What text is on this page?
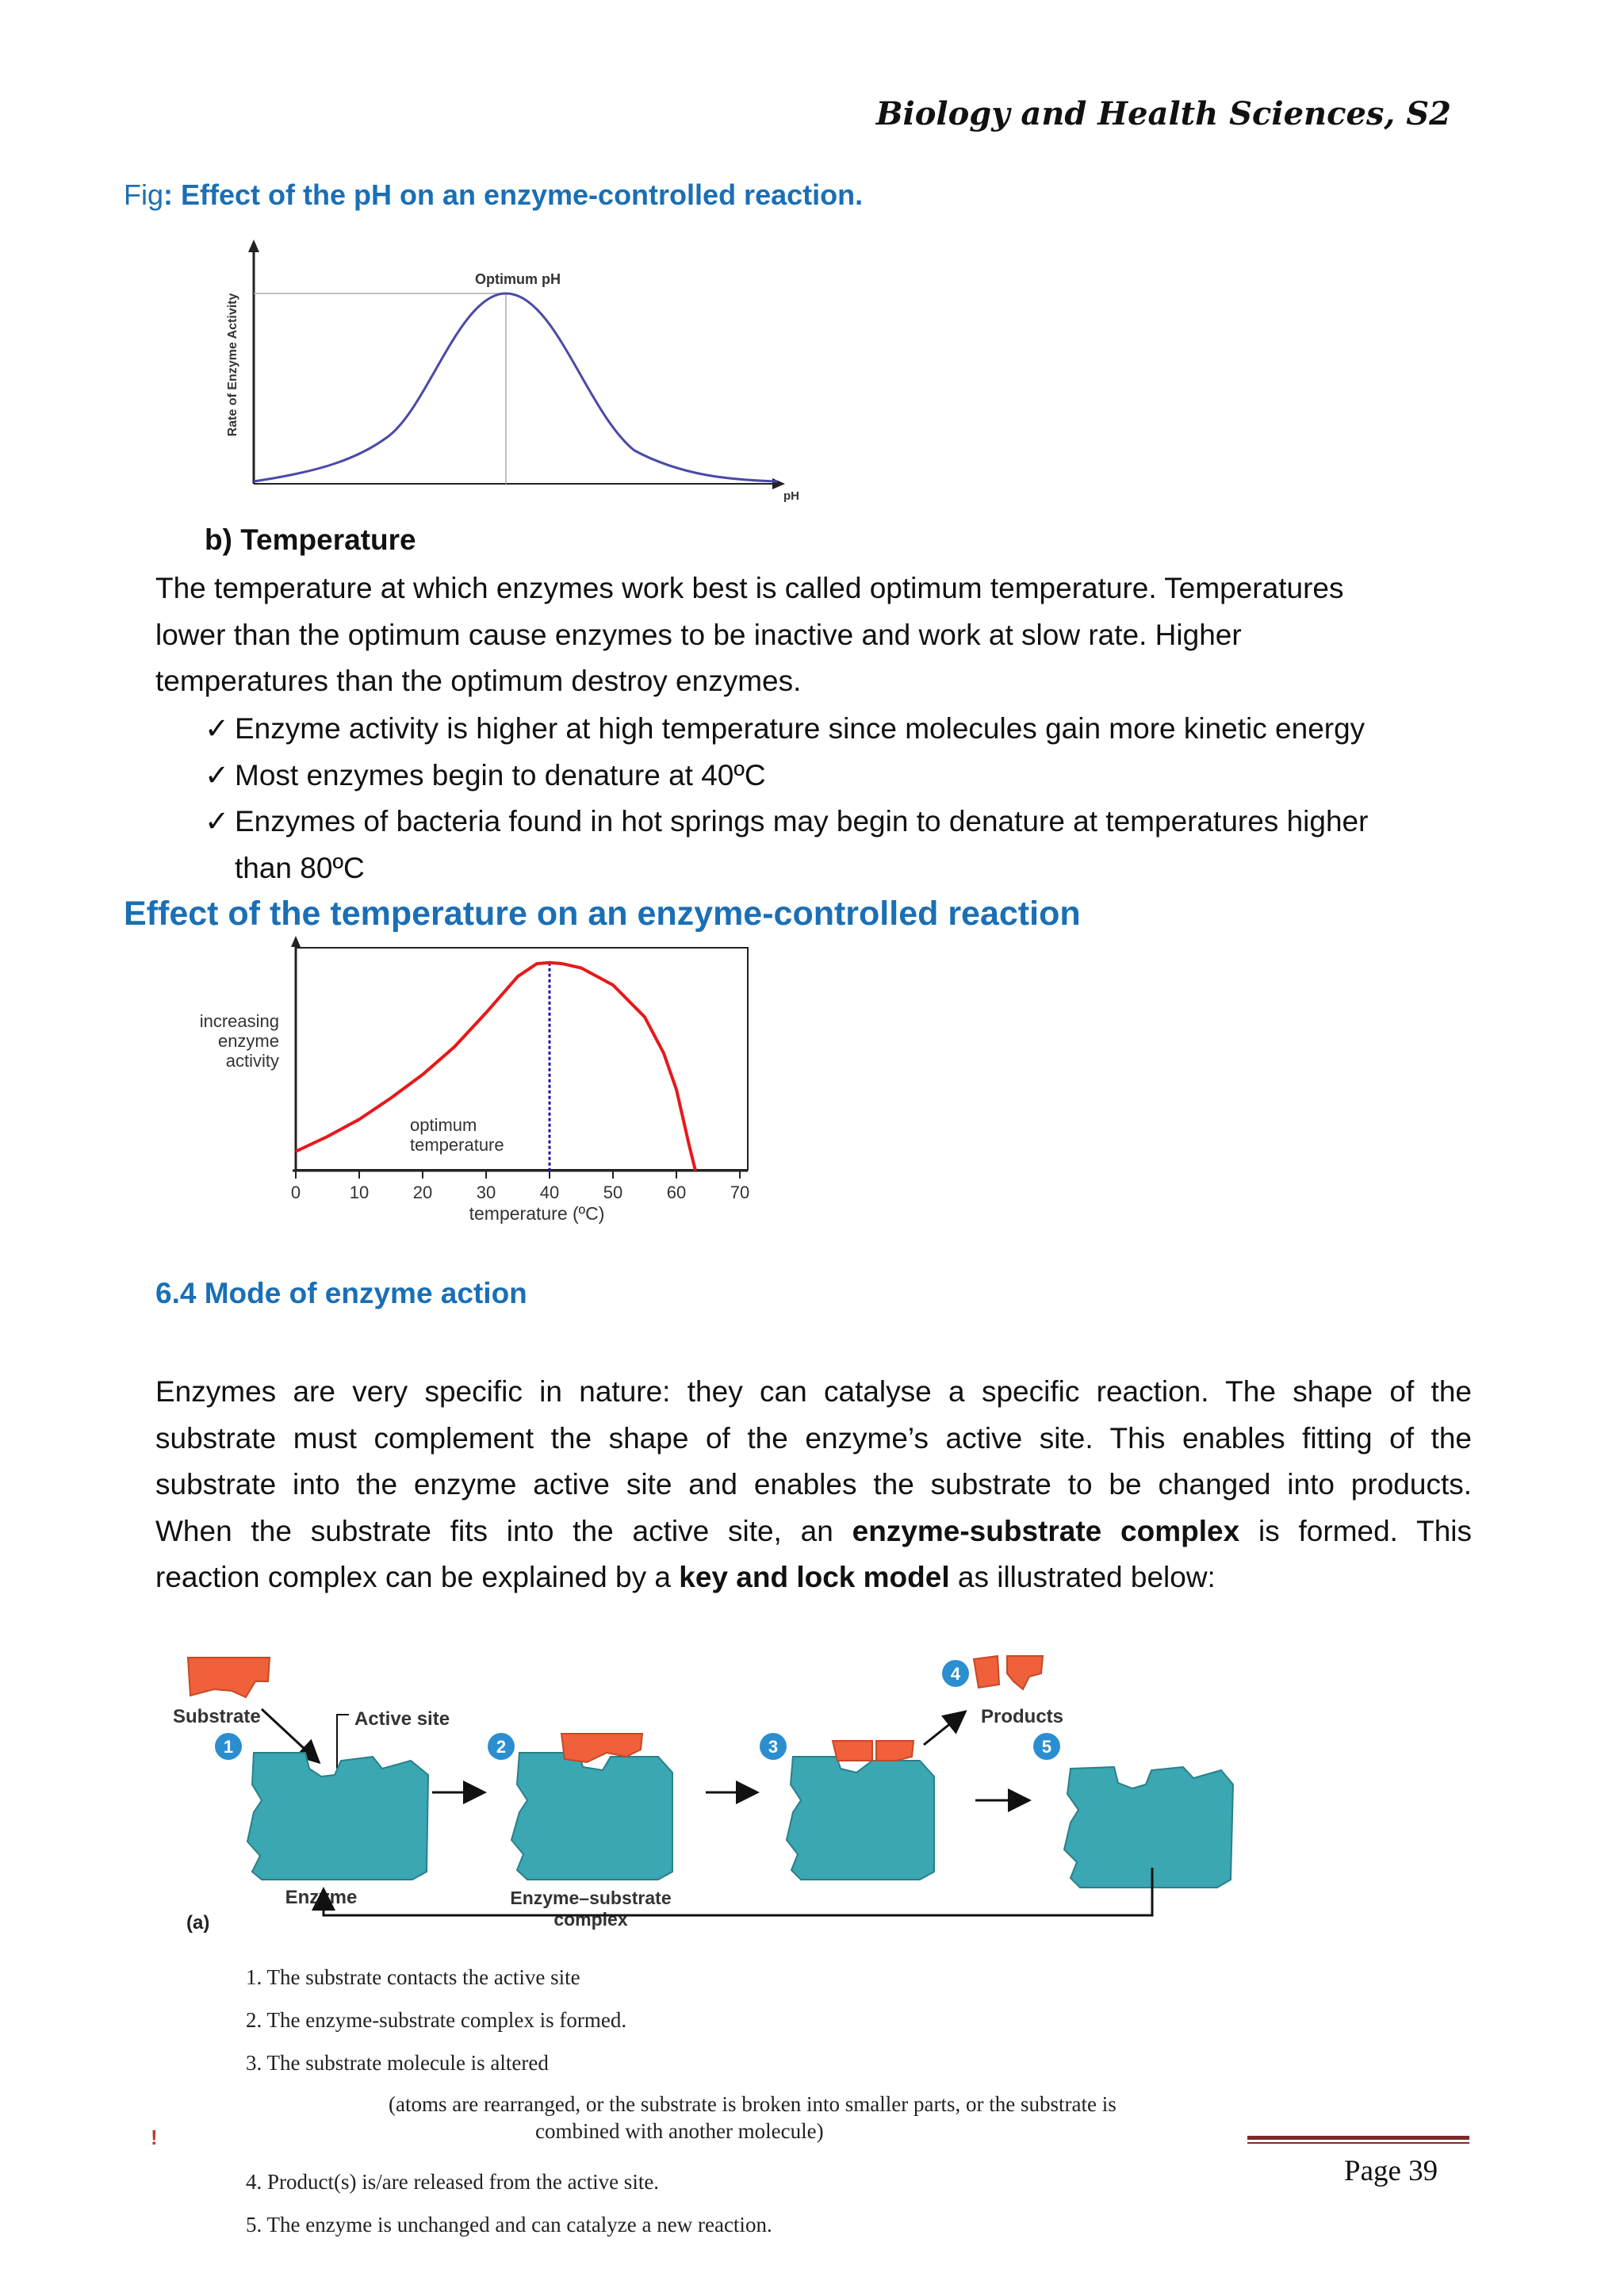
Biology and Health Sciences, S2
Fig: Effect of the pH on an enzyme-controlled reaction.
Optimum pH
pH
Rate of Enzyme Activity
b) Temperature
The temperature at which enzymes work best is called optimum temperature. Temperatures
lower than the optimum cause enzymes to be inactive and work at slow rate. Higher
temperatures than the optimum destroy enzymes.
✓ Enzyme activity is higher at high temperature since molecules gain more kinetic energy
✓ Most enzymes begin to denature at 40ºC
✓ Enzymes of bacteria found in hot springs may begin to denature at temperatures higher
than 80ºC
Effect of the temperature on an enzyme-controlled reaction
increasing
enzyme
activity
0	10	20	30	40	50	60	70
optimum
temperature
temperature (ºC)
6.4 Mode of enzyme action
Enzymes are very specific in nature: they can catalyse a specific reaction. The shape of the
substrate must complement the shape of the enzyme’s active site. This enables fitting of the
substrate into the enzyme active site and enables the substrate to be changed into products.
When the substrate fits into the active site, an enzyme-substrate complex is formed. This
reaction complex can be explained by a key and lock model as illustrated below:
Substrate	Active site
1
Enzyme
(a)
2
Enzyme–substrate
complex
3
4
Products
5
1. The substrate contacts the active site
2. The enzyme-substrate complex is formed.
3. The substrate molecule is altered
(atoms are rearranged, or the substrate is broken into smaller parts, or the substrate is
combined with another molecule)
4. Product(s) is/are released from the active site.
5. The enzyme is unchanged and can catalyze a new reaction.
!
Page 39
